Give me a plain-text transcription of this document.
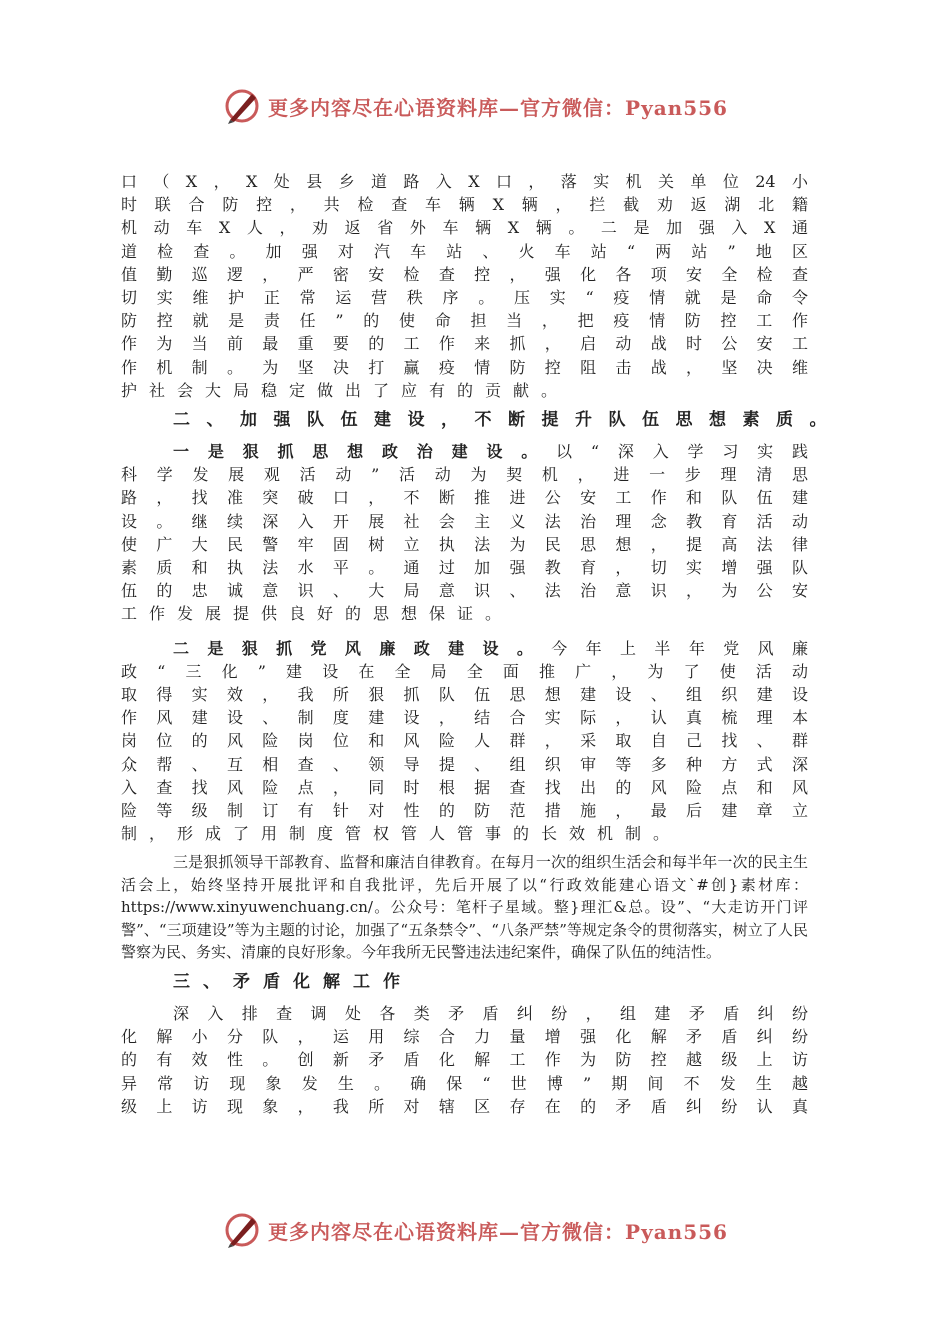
更多内容尽在心语资料库—官方微信：Pyan556
口（X，X处县乡道路入X口，落实机关单位24小
时联合防控，共检查车辆X辆，拦截劝返湖北籍
机动车X人，劝返省外车辆X辆。二是加强入X通
道检查。加强对汽车站、火车站“两站”地区
值勤巡逻，严密安检查控，强化各项安全检查
切实维护正常运营秩序。压实“疫情就是命令
防控就是责任”的使命担当，把疫情防控工作
作为当前最重要的工作来抓，启动战时公安工
作机制。为坚决打赢疫情防控阻击战，坚决维
护社会大局稳定做出了应有的贡献。
二、加强队伍建设，不断提升队伍思想素质。
一是狠抓思想政治建设。以“深入学习实践
科学发展观活动”活动为契机，进一步理清思
路，找准突破口，不断推进公安工作和队伍建
设。继续深入开展社会主义法治理念教育活动
使广大民警牢固树立执法为民思想，提高法律
素质和执法水平。通过加强教育，切实增强队
伍的忠诚意识、大局意识、法治意识，为公安
工作发展提供良好的思想保证。
二是狠抓党风廉政建设。今年上半年党风廉
政“三化”建设在全局全面推广，为了使活动
取得实效，我所狠抓队伍思想建设、组织建设
作风建设、制度建设，结合实际，认真梳理本
岗位的风险岗位和风险人群，采取自己找、群
众帮、互相查、领导提、组织审等多种方式深
入查找风险点，同时根据查找出的风险点和风
险等级制订有针对性的防范措施，最后建章立
制，形成了用制度管权管人管事的长效机制。
三是狠抓领导干部教育、监督和廉洁自律教育。在每月一次的组织生活会和每半年一次的民主生活会上，始终坚持开展批评和自我批评，先后开展了以“行政效能建心语文`#创}素材库：https://www.xinyuwenchuang.cn/。公众号：笔杆子星域。整}理汇&总。设”、“大走访开门评警”、“三项建设”等为主题的讨论，加强了“五条禁令”、“八条严禁”等规定条令的贯彻落实，树立了人民警察为民、务实、清廉的良好形象。今年我所无民警违法违纪案件，确保了队伍的纯洁性。
三、矛盾化解工作
深入排查调处各类矛盾纠纷，组建矛盾纠纷
化解小分队，运用综合力量增强化解矛盾纠纷
的有效性。创新矛盾化解工作为防控越级上访
异常访现象发生。确保“世博”期间不发生越
级上访现象，我所对辖区存在的矛盾纠纷认真
更多内容尽在心语资料库—官方微信：Pyan556
